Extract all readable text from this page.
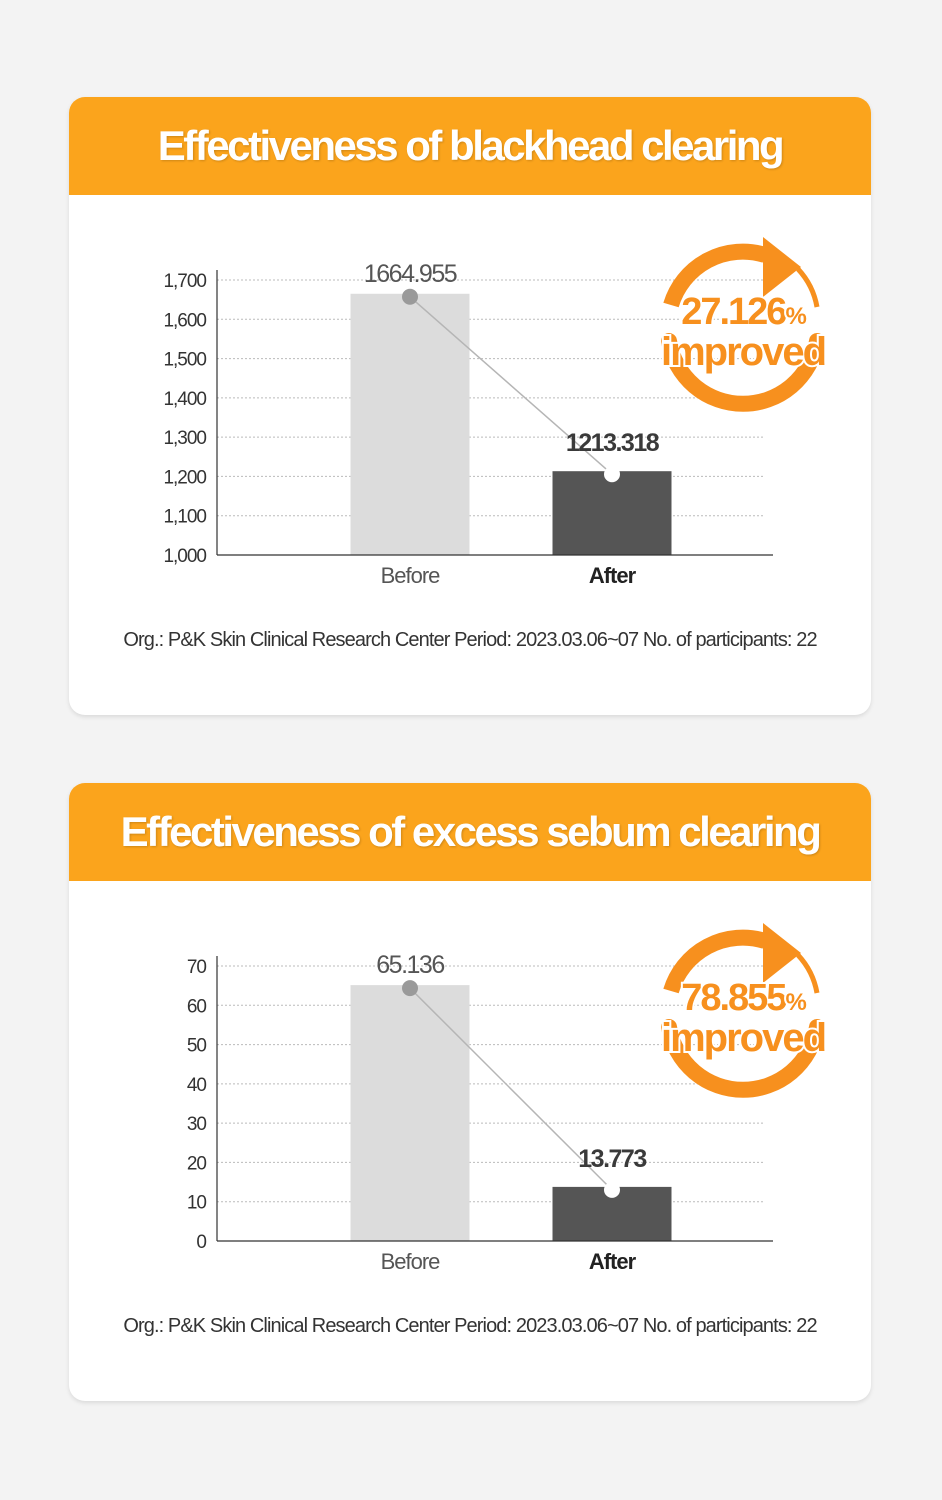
Effectiveness of blackhead clearing
1,000
1,100
1,200
1,300
1,400
1,500
1,600
1,700	1664.955
1213.318
Before	After
27.126%
improved
Org.: P&K Skin Clinical Research Center Period: 2023.03.06~07 No. of participants: 22
Effectiveness of excess sebum clearing
0
10
20
30
40
50
60
70	65.136
13.773
Before	After
78.855%
improved
Org.: P&K Skin Clinical Research Center Period: 2023.03.06~07 No. of participants: 22
